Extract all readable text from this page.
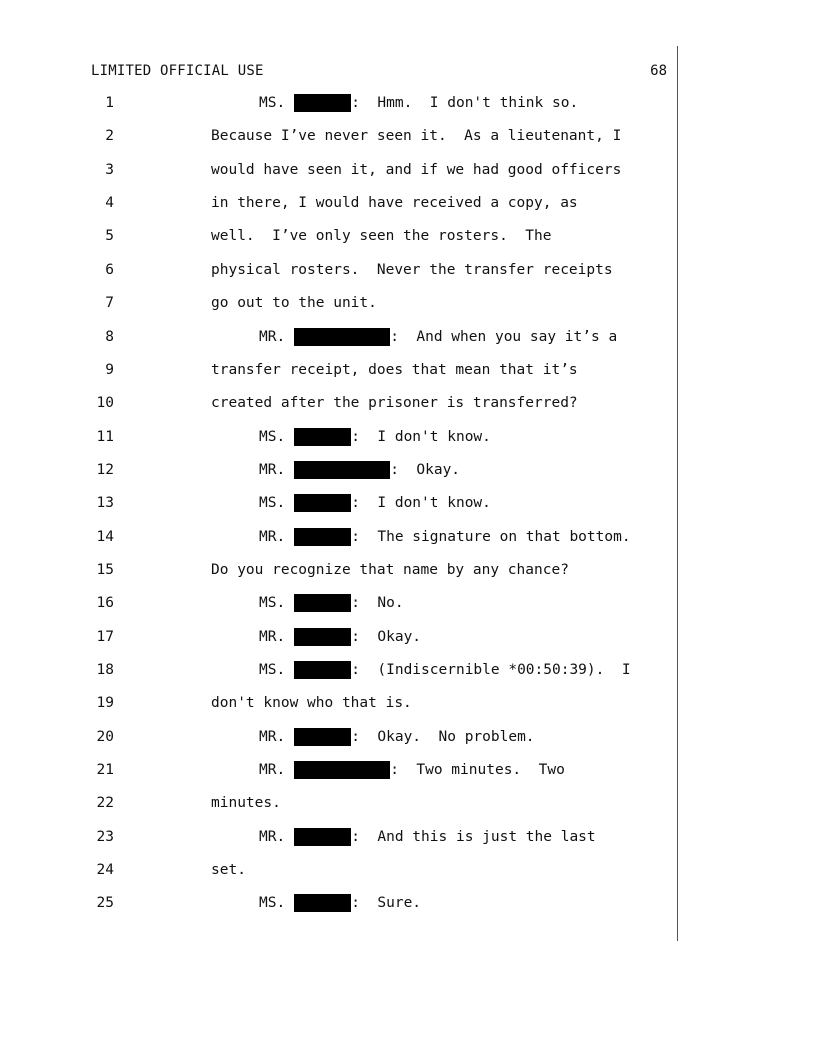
LIMITED OFFICIAL USE	68
1	MS.	:  Hmm.  I don't think so.
2	Because I’ve never seen it.  As a lieutenant, I
3	would have seen it, and if we had good officers
4	in there, I would have received a copy, as
5	well.  I’ve only seen the rosters.  The
6	physical rosters.  Never the transfer receipts
7	go out to the unit.
8	MR.	:  And when you say it’s a
9	transfer receipt, does that mean that it’s
10	created after the prisoner is transferred?
11	MS.	:  I don't know.
12	MR.	:  Okay.
13	MS.	:  I don't know.
14	MR.	:  The signature on that bottom.
15	Do you recognize that name by any chance?
16	MS.	:  No.
17	MR.	:  Okay.
18	MS.	:  (Indiscernible *00:50:39).  I
19	don't know who that is.
20	MR.	:  Okay.  No problem.
21	MR.	:  Two minutes.  Two
22	minutes.
23	MR.	:  And this is just the last
24	set.
25	MS.	:  Sure.
